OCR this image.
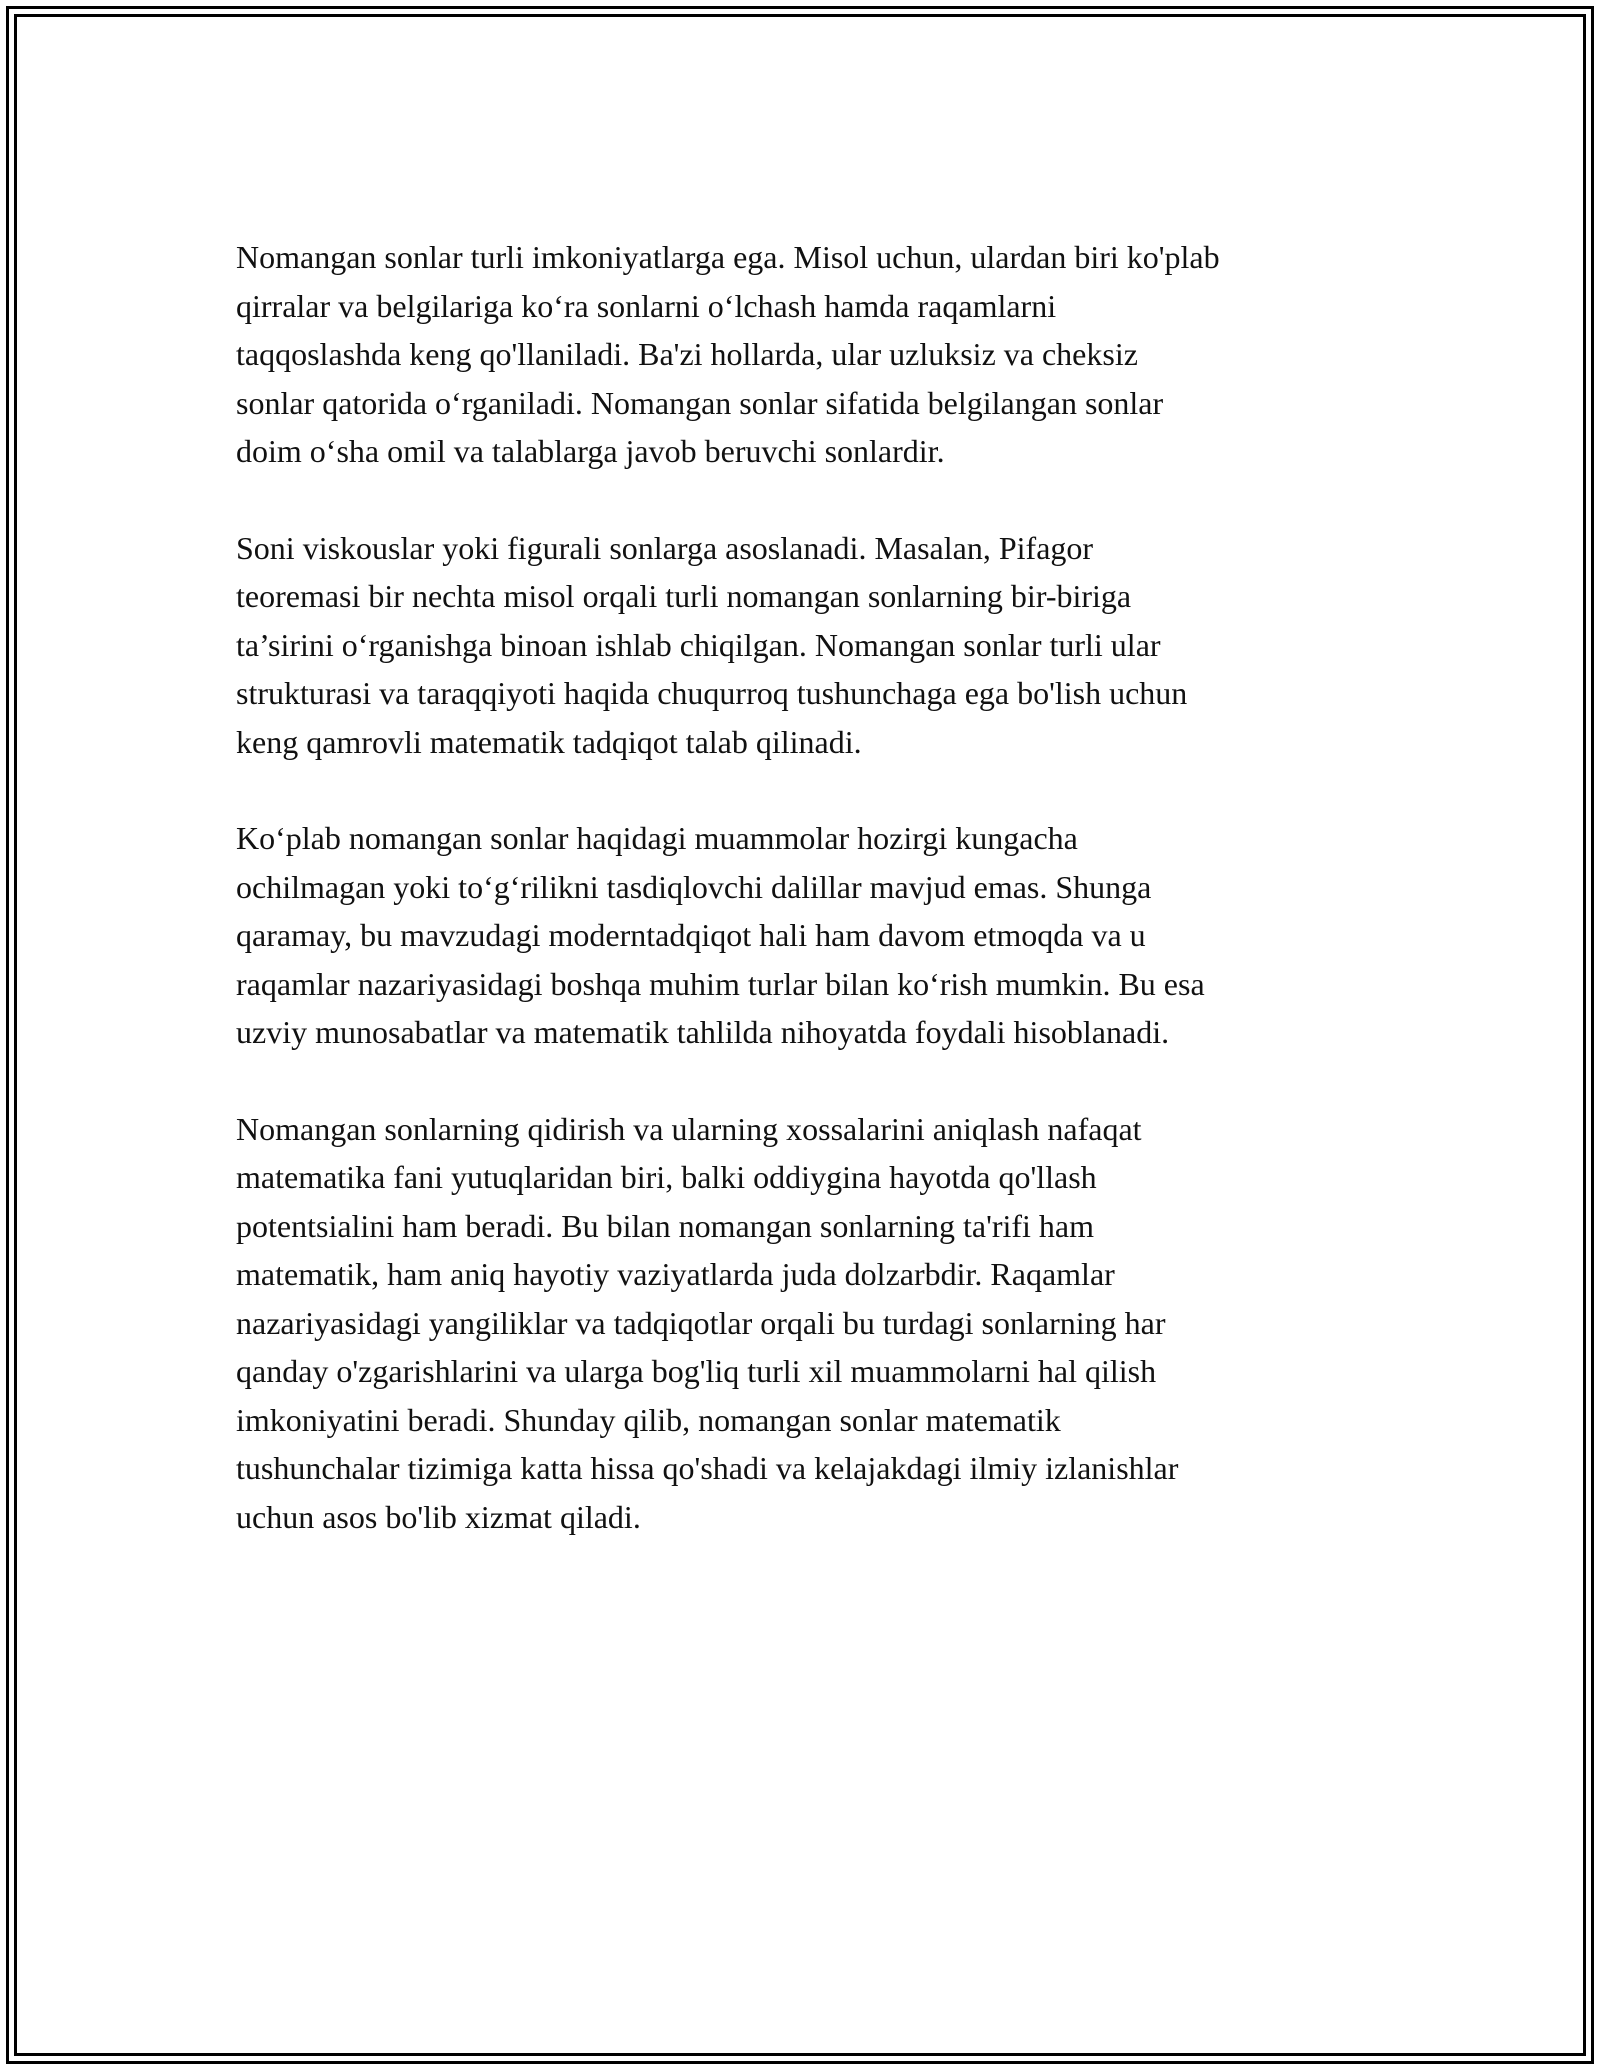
Nomangan sonlar turli imkoniyatlarga ega. Misol uchun, ulardan biri ko'plab
qirralar va belgilariga koʻra sonlarni oʻlchash hamda raqamlarni
taqqoslashda keng qo'llaniladi. Ba'zi hollarda, ular uzluksiz va cheksiz
sonlar qatorida oʻrganiladi. Nomangan sonlar sifatida belgilangan sonlar
doim oʻsha omil va talablarga javob beruvchi sonlardir.

Soni viskouslar yoki figurali sonlarga asoslanadi. Masalan, Pifagor
teoremasi bir nechta misol orqali turli nomangan sonlarning bir-biriga
ta’sirini oʻrganishga binoan ishlab chiqilgan. Nomangan sonlar turli ular
strukturasi va taraqqiyoti haqida chuqurroq tushunchaga ega bo'lish uchun
keng qamrovli matematik tadqiqot talab qilinadi.

Koʻplab nomangan sonlar haqidagi muammolar hozirgi kungacha
ochilmagan yoki toʻgʻrilikni tasdiqlovchi dalillar mavjud emas. Shunga
qaramay, bu mavzudagi moderntadqiqot hali ham davom etmoqda va u
raqamlar nazariyasidagi boshqa muhim turlar bilan koʻrish mumkin. Bu esa
uzviy munosabatlar va matematik tahlilda nihoyatda foydali hisoblanadi.

Nomangan sonlarning qidirish va ularning xossalarini aniqlash nafaqat
matematika fani yutuqlaridan biri, balki oddiygina hayotda qo'llash
potentsialini ham beradi. Bu bilan nomangan sonlarning ta'rifi ham
matematik, ham aniq hayotiy vaziyatlarda juda dolzarbdir. Raqamlar
nazariyasidagi yangiliklar va tadqiqotlar orqali bu turdagi sonlarning har
qanday o'zgarishlarini va ularga bog'liq turli xil muammolarni hal qilish
imkoniyatini beradi. Shunday qilib, nomangan sonlar matematik
tushunchalar tizimiga katta hissa qo'shadi va kelajakdagi ilmiy izlanishlar
uchun asos bo'lib xizmat qiladi.
